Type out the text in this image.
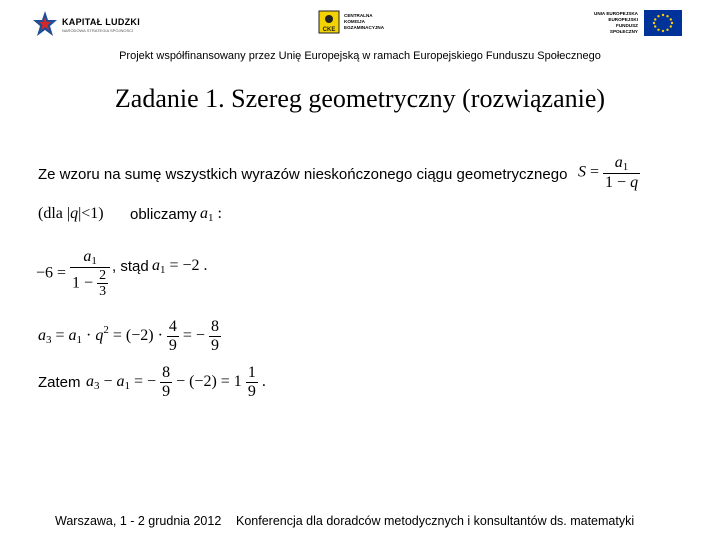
KAPITAŁ LUDZKI
NARODOWA STRATEGIA SPÓJNOŚCI	CKE
CENTRALNA
KOMISJA
EGZAMINACYJNA
UNIA EUROPEJSKA
EUROPEJSKI
FUNDUSZ SPOŁECZNY
Projekt współfinansowany przez Unię Europejską w ramach Europejskiego Funduszu Społecznego
Zadanie 1. Szereg geometryczny (rozwiązanie)
Ze wzoru na sumę wszystkich wyrazów nieskończonego ciągu geometrycznego $S = \frac{a_1}{1 - q}$
(dla |q|<1) obliczamy $a_1$ :
$-6 = \frac{a_1}{1 - \frac{2}{3}}$ , stąd $a_1 = -2$ .
$a_3 = a_1 \cdot q^2 = (-2) \cdot \frac{4}{9}$ = − $\frac{8}{9}$
Zatem $a_3 - a_1$ = − $\frac{8}{9} - (-2) = 1 \frac{1}{9}$ .
Warszawa, 1 - 2 grudnia 2012 Konferencja dla doradców metodycznych i konsultantów ds. matematyki
